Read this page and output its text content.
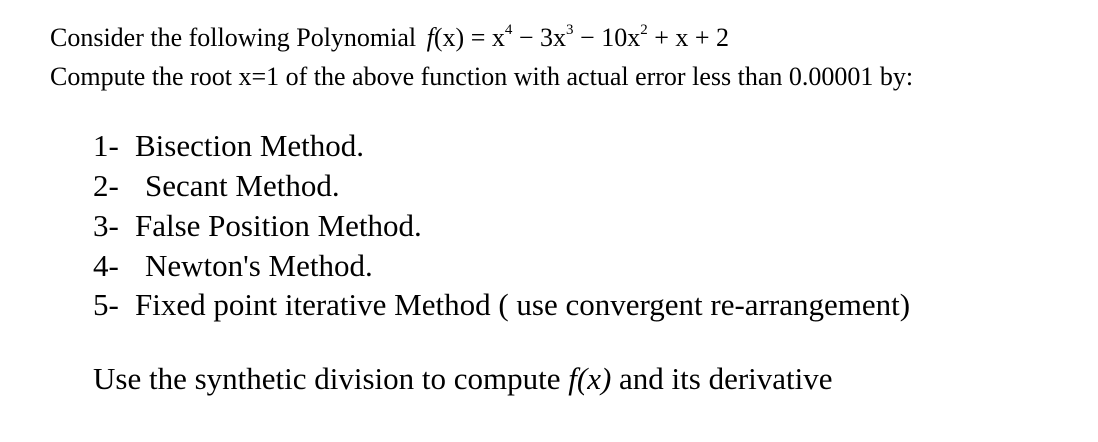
Consider the following Polynomial $f(x) = x^4 - 3x^3 - 10x^2 + x + 2$
Compute the root x=1 of the above function with actual error less than 0.00001 by:
1- Bisection Method.
2- Secant Method.
3- False Position Method.
4- Newton's Method.
5- Fixed point iterative Method ( use convergent re-arrangement)
Use the synthetic division to compute f(x) and its derivative
